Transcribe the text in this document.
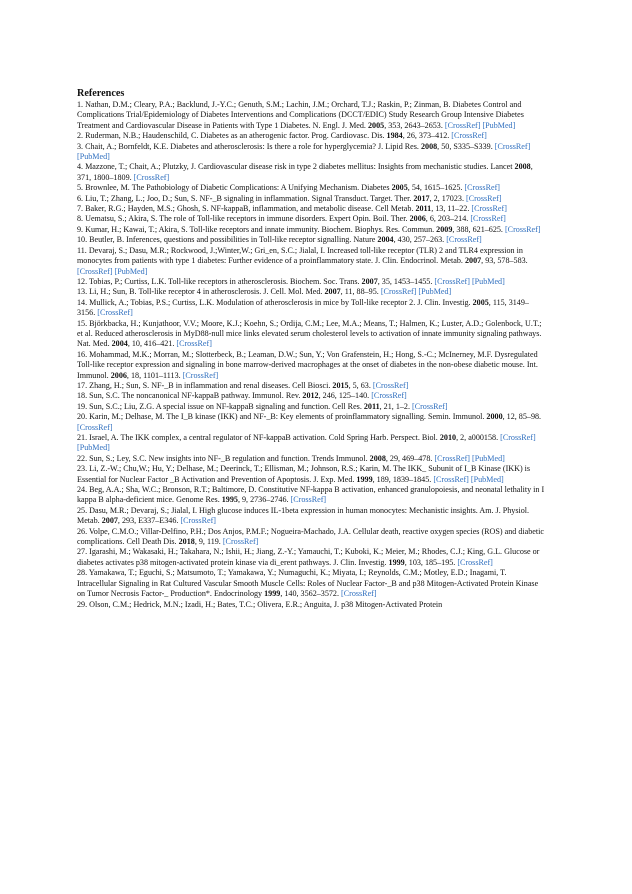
References
1. Nathan, D.M.; Cleary, P.A.; Backlund, J.-Y.C.; Genuth, S.M.; Lachin, J.M.; Orchard, T.J.; Raskin, P.; Zinman, B. Diabetes Control and Complications Trial/Epidemiology of Diabetes Interventions and Complications (DCCT/EDIC) Study Research Group Intensive Diabetes Treatment and Cardiovascular Disease in Patients with Type 1 Diabetes. N. Engl. J. Med. 2005, 353, 2643–2653. [CrossRef] [PubMed]
2. Ruderman, N.B.; Haudenschild, C. Diabetes as an atherogenic factor. Prog. Cardiovasc. Dis. 1984, 26, 373–412. [CrossRef]
3. Chait, A.; Bornfeldt, K.E. Diabetes and atherosclerosis: Is there a role for hyperglycemia? J. Lipid Res. 2008, 50, S335–S339. [CrossRef] [PubMed]
4. Mazzone, T.; Chait, A.; Plutzky, J. Cardiovascular disease risk in type 2 diabetes mellitus: Insights from mechanistic studies. Lancet 2008, 371, 1800–1809. [CrossRef]
5. Brownlee, M. The Pathobiology of Diabetic Complications: A Unifying Mechanism. Diabetes 2005, 54, 1615–1625. [CrossRef]
6. Liu, T.; Zhang, L.; Joo, D.; Sun, S. NF-_B signaling in inflammation. Signal Transduct. Target. Ther. 2017, 2, 17023. [CrossRef]
7. Baker, R.G.; Hayden, M.S.; Ghosh, S. NF-kappaB, inflammation, and metabolic disease. Cell Metab. 2011, 13, 11–22. [CrossRef]
8. Uematsu, S.; Akira, S. The role of Toll-like receptors in immune disorders. Expert Opin. Boil. Ther. 2006, 6, 203–214. [CrossRef]
9. Kumar, H.; Kawai, T.; Akira, S. Toll-like receptors and innate immunity. Biochem. Biophys. Res. Commun. 2009, 388, 621–625. [CrossRef]
10. Beutler, B. Inferences, questions and possibilities in Toll-like receptor signalling. Nature 2004, 430, 257–263. [CrossRef]
11. Devaraj, S.; Dasu, M.R.; Rockwood, J.;Winter,W.; Gri_en, S.C.; Jialal, I. Increased toll-like receptor (TLR) 2 and TLR4 expression in monocytes from patients with type 1 diabetes: Further evidence of a proinflammatory state. J. Clin. Endocrinol. Metab. 2007, 93, 578–583. [CrossRef] [PubMed]
12. Tobias, P.; Curtiss, L.K. Toll-like receptors in atherosclerosis. Biochem. Soc. Trans. 2007, 35, 1453–1455. [CrossRef] [PubMed]
13. Li, H.; Sun, B. Toll-like receptor 4 in atherosclerosis. J. Cell. Mol. Med. 2007, 11, 88–95. [CrossRef] [PubMed]
14. Mullick, A.; Tobias, P.S.; Curtiss, L.K. Modulation of atherosclerosis in mice by Toll-like receptor 2. J. Clin. Investig. 2005, 115, 3149–3156. [CrossRef]
15. Björkbacka, H.; Kunjathoor, V.V.; Moore, K.J.; Koehn, S.; Ordija, C.M.; Lee, M.A.; Means, T.; Halmen, K.; Luster, A.D.; Golenbock, U.T.; et al. Reduced atherosclerosis in MyD88-null mice links elevated serum cholesterol levels to activation of innate immunity signaling pathways. Nat. Med. 2004, 10, 416–421. [CrossRef]
16. Mohammad, M.K.; Morran, M.; Slotterbeck, B.; Leaman, D.W.; Sun, Y.; Von Grafenstein, H.; Hong, S.-C.; McInerney, M.F. Dysregulated Toll-like receptor expression and signaling in bone marrow-derived macrophages at the onset of diabetes in the non-obese diabetic mouse. Int. Immunol. 2006, 18, 1101–1113. [CrossRef]
17. Zhang, H.; Sun, S. NF-_B in inflammation and renal diseases. Cell Biosci. 2015, 5, 63. [CrossRef]
18. Sun, S.C. The noncanonical NF-kappaB pathway. Immunol. Rev. 2012, 246, 125–140. [CrossRef]
19. Sun, S.C.; Liu, Z.G. A special issue on NF-kappaB signaling and function. Cell Res. 2011, 21, 1–2. [CrossRef]
20. Karin, M.; Delhase, M. The I_B kinase (IKK) and NF-_B: Key elements of proinflammatory signalling. Semin. Immunol. 2000, 12, 85–98. [CrossRef]
21. Israel, A. The IKK complex, a central regulator of NF-kappaB activation. Cold Spring Harb. Perspect. Biol. 2010, 2, a000158. [CrossRef] [PubMed]
22. Sun, S.; Ley, S.C. New insights into NF-_B regulation and function. Trends Immunol. 2008, 29, 469–478. [CrossRef] [PubMed]
23. Li, Z.-W.; Chu,W.; Hu, Y.; Delhase, M.; Deerinck, T.; Ellisman, M.; Johnson, R.S.; Karin, M. The IKK_ Subunit of I_B Kinase (IKK) is Essential for Nuclear Factor _B Activation and Prevention of Apoptosis. J. Exp. Med. 1999, 189, 1839–1845. [CrossRef] [PubMed]
24. Beg, A.A.; Sha, W.C.; Bronson, R.T.; Baltimore, D. Constitutive NF-kappa B activation, enhanced granulopoiesis, and neonatal lethality in I kappa B alpha-deficient mice. Genome Res. 1995, 9, 2736–2746. [CrossRef]
25. Dasu, M.R.; Devaraj, S.; Jialal, I. High glucose induces IL-1beta expression in human monocytes: Mechanistic insights. Am. J. Physiol. Metab. 2007, 293, E337–E346. [CrossRef]
26. Volpe, C.M.O.; Villar-Delfino, P.H.; Dos Anjos, P.M.F.; Nogueira-Machado, J.A. Cellular death, reactive oxygen species (ROS) and diabetic complications. Cell Death Dis. 2018, 9, 119. [CrossRef]
27. Igarashi, M.; Wakasaki, H.; Takahara, N.; Ishii, H.; Jiang, Z.-Y.; Yamauchi, T.; Kuboki, K.; Meier, M.; Rhodes, C.J.; King, G.L. Glucose or diabetes activates p38 mitogen-activated protein kinase via di_erent pathways. J. Clin. Investig. 1999, 103, 185–195. [CrossRef]
28. Yamakawa, T.; Eguchi, S.; Matsumoto, T.; Yamakawa, Y.; Numaguchi, K.; Miyata, I.; Reynolds, C.M.; Motley, E.D.; Inagami, T. Intracellular Signaling in Rat Cultured Vascular Smooth Muscle Cells: Roles of Nuclear Factor-_B and p38 Mitogen-Activated Protein Kinase on Tumor Necrosis Factor-_ Production*. Endocrinology 1999, 140, 3562–3572. [CrossRef]
29. Olson, C.M.; Hedrick, M.N.; Izadi, H.; Bates, T.C.; Olivera, E.R.; Anguita, J. p38 Mitogen-Activated Protein
